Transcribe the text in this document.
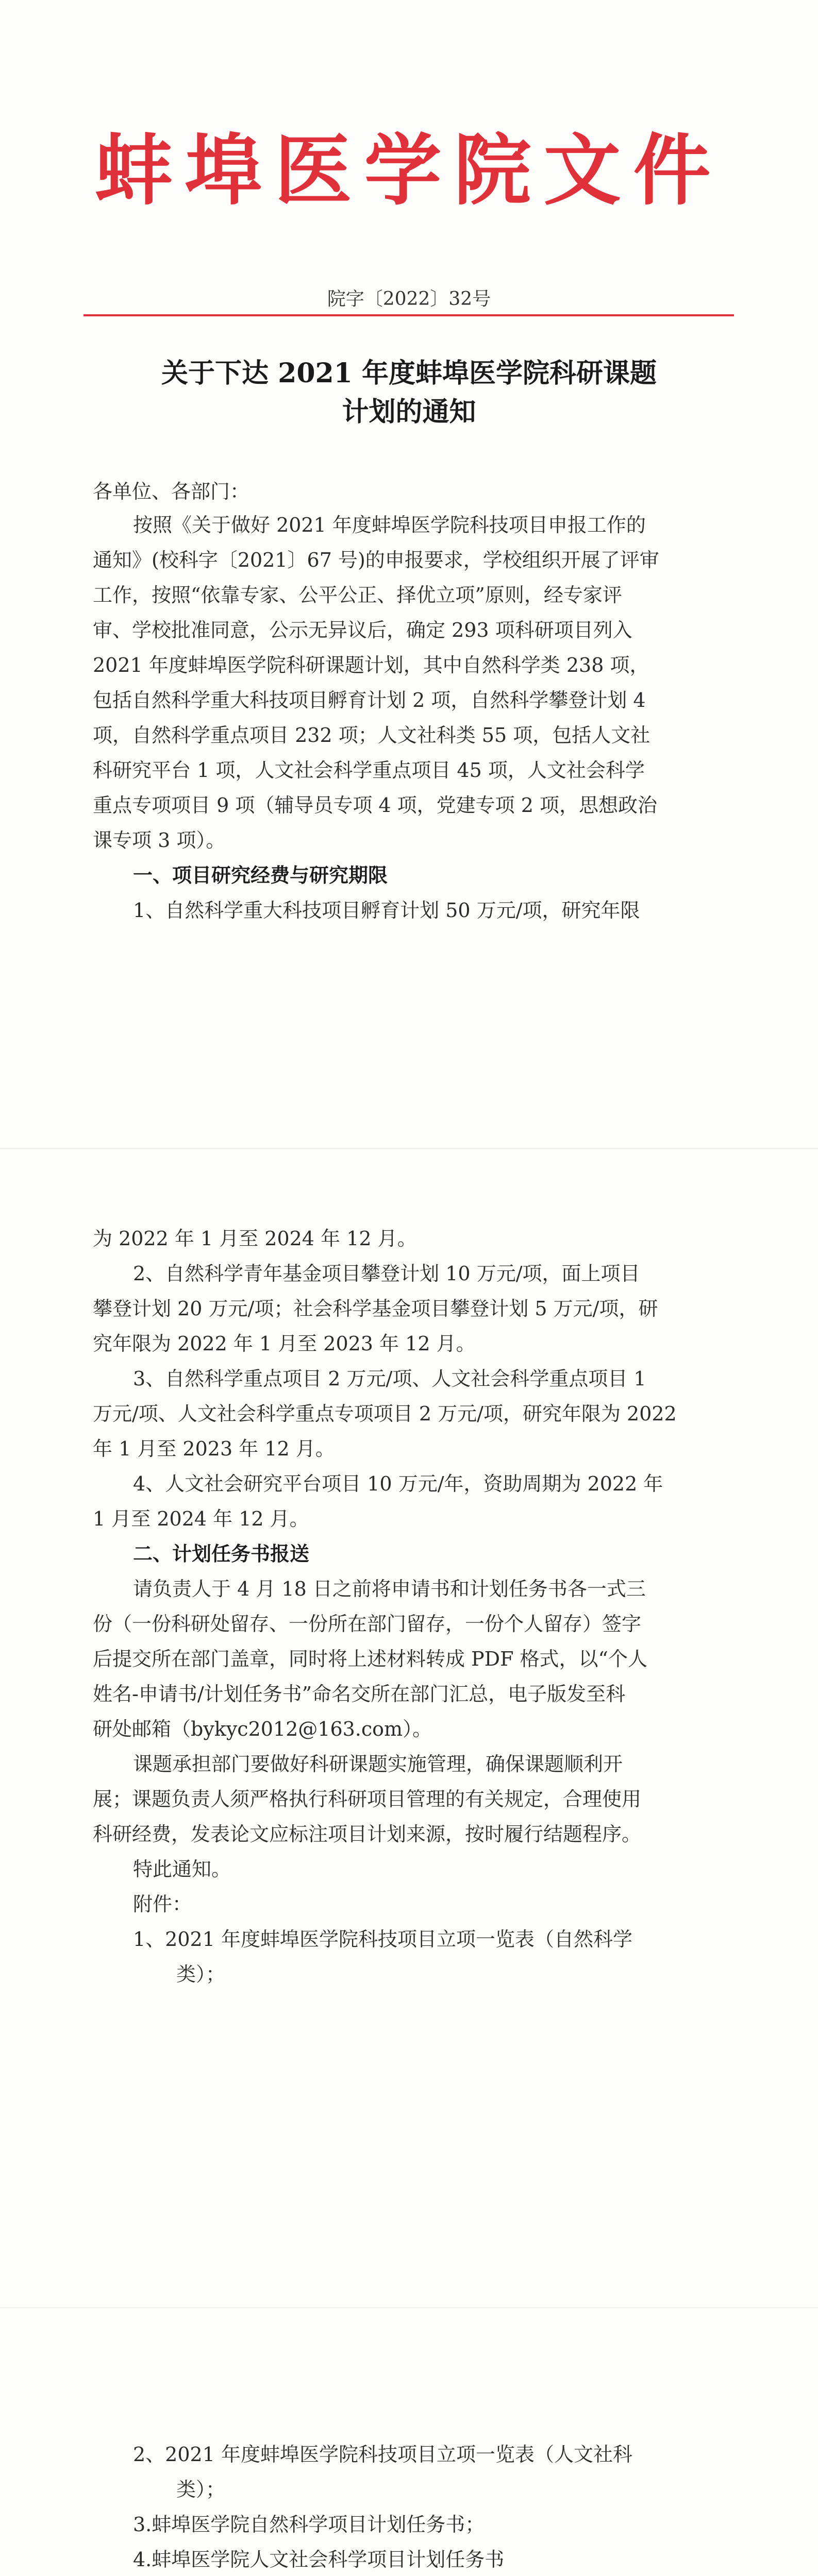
蚌埠医学院文件
院字〔2022〕32号
关于下达 2021 年度蚌埠医学院科研课题
计划的通知
各单位、各部门：
按照《关于做好 2021 年度蚌埠医学院科技项目申报工作的
通知》(校科字〔2021〕67 号)的申报要求，学校组织开展了评审
工作，按照“依靠专家、公平公正、择优立项”原则，经专家评
审、学校批准同意，公示无异议后，确定 293 项科研项目列入
2021 年度蚌埠医学院科研课题计划，其中自然科学类 238 项，
包括自然科学重大科技项目孵育计划 2 项，自然科学攀登计划 4
项，自然科学重点项目 232 项；人文社科类 55 项，包括人文社
科研究平台 1 项，人文社会科学重点项目 45 项，人文社会科学
重点专项项目 9 项（辅导员专项 4 项，党建专项 2 项，思想政治
课专项 3 项）。
一、项目研究经费与研究期限
1、自然科学重大科技项目孵育计划 50 万元/项，研究年限
为 2022 年 1 月至 2024 年 12 月。
2、自然科学青年基金项目攀登计划 10 万元/项，面上项目
攀登计划 20 万元/项；社会科学基金项目攀登计划 5 万元/项，研
究年限为 2022 年 1 月至 2023 年 12 月。
3、自然科学重点项目 2 万元/项、人文社会科学重点项目 1
万元/项、人文社会科学重点专项项目 2 万元/项，研究年限为 2022
年 1 月至 2023 年 12 月。
4、人文社会研究平台项目 10 万元/年，资助周期为 2022 年
1 月至 2024 年 12 月。
二、计划任务书报送
请负责人于 4 月 18 日之前将申请书和计划任务书各一式三
份（一份科研处留存、一份所在部门留存，一份个人留存）签字
后提交所在部门盖章，同时将上述材料转成 PDF 格式，以“个人
姓名-申请书/计划任务书”命名交所在部门汇总，电子版发至科
研处邮箱（bykyc2012@163.com）。
课题承担部门要做好科研课题实施管理，确保课题顺利开
展；课题负责人须严格执行科研项目管理的有关规定，合理使用
科研经费，发表论文应标注项目计划来源，按时履行结题程序。
特此通知。
附件：
1、2021 年度蚌埠医学院科技项目立项一览表（自然科学
类）；
2、2021 年度蚌埠医学院科技项目立项一览表（人文社科
类）；
3.蚌埠医学院自然科学项目计划任务书；
4.蚌埠医学院人文社会科学项目计划任务书
